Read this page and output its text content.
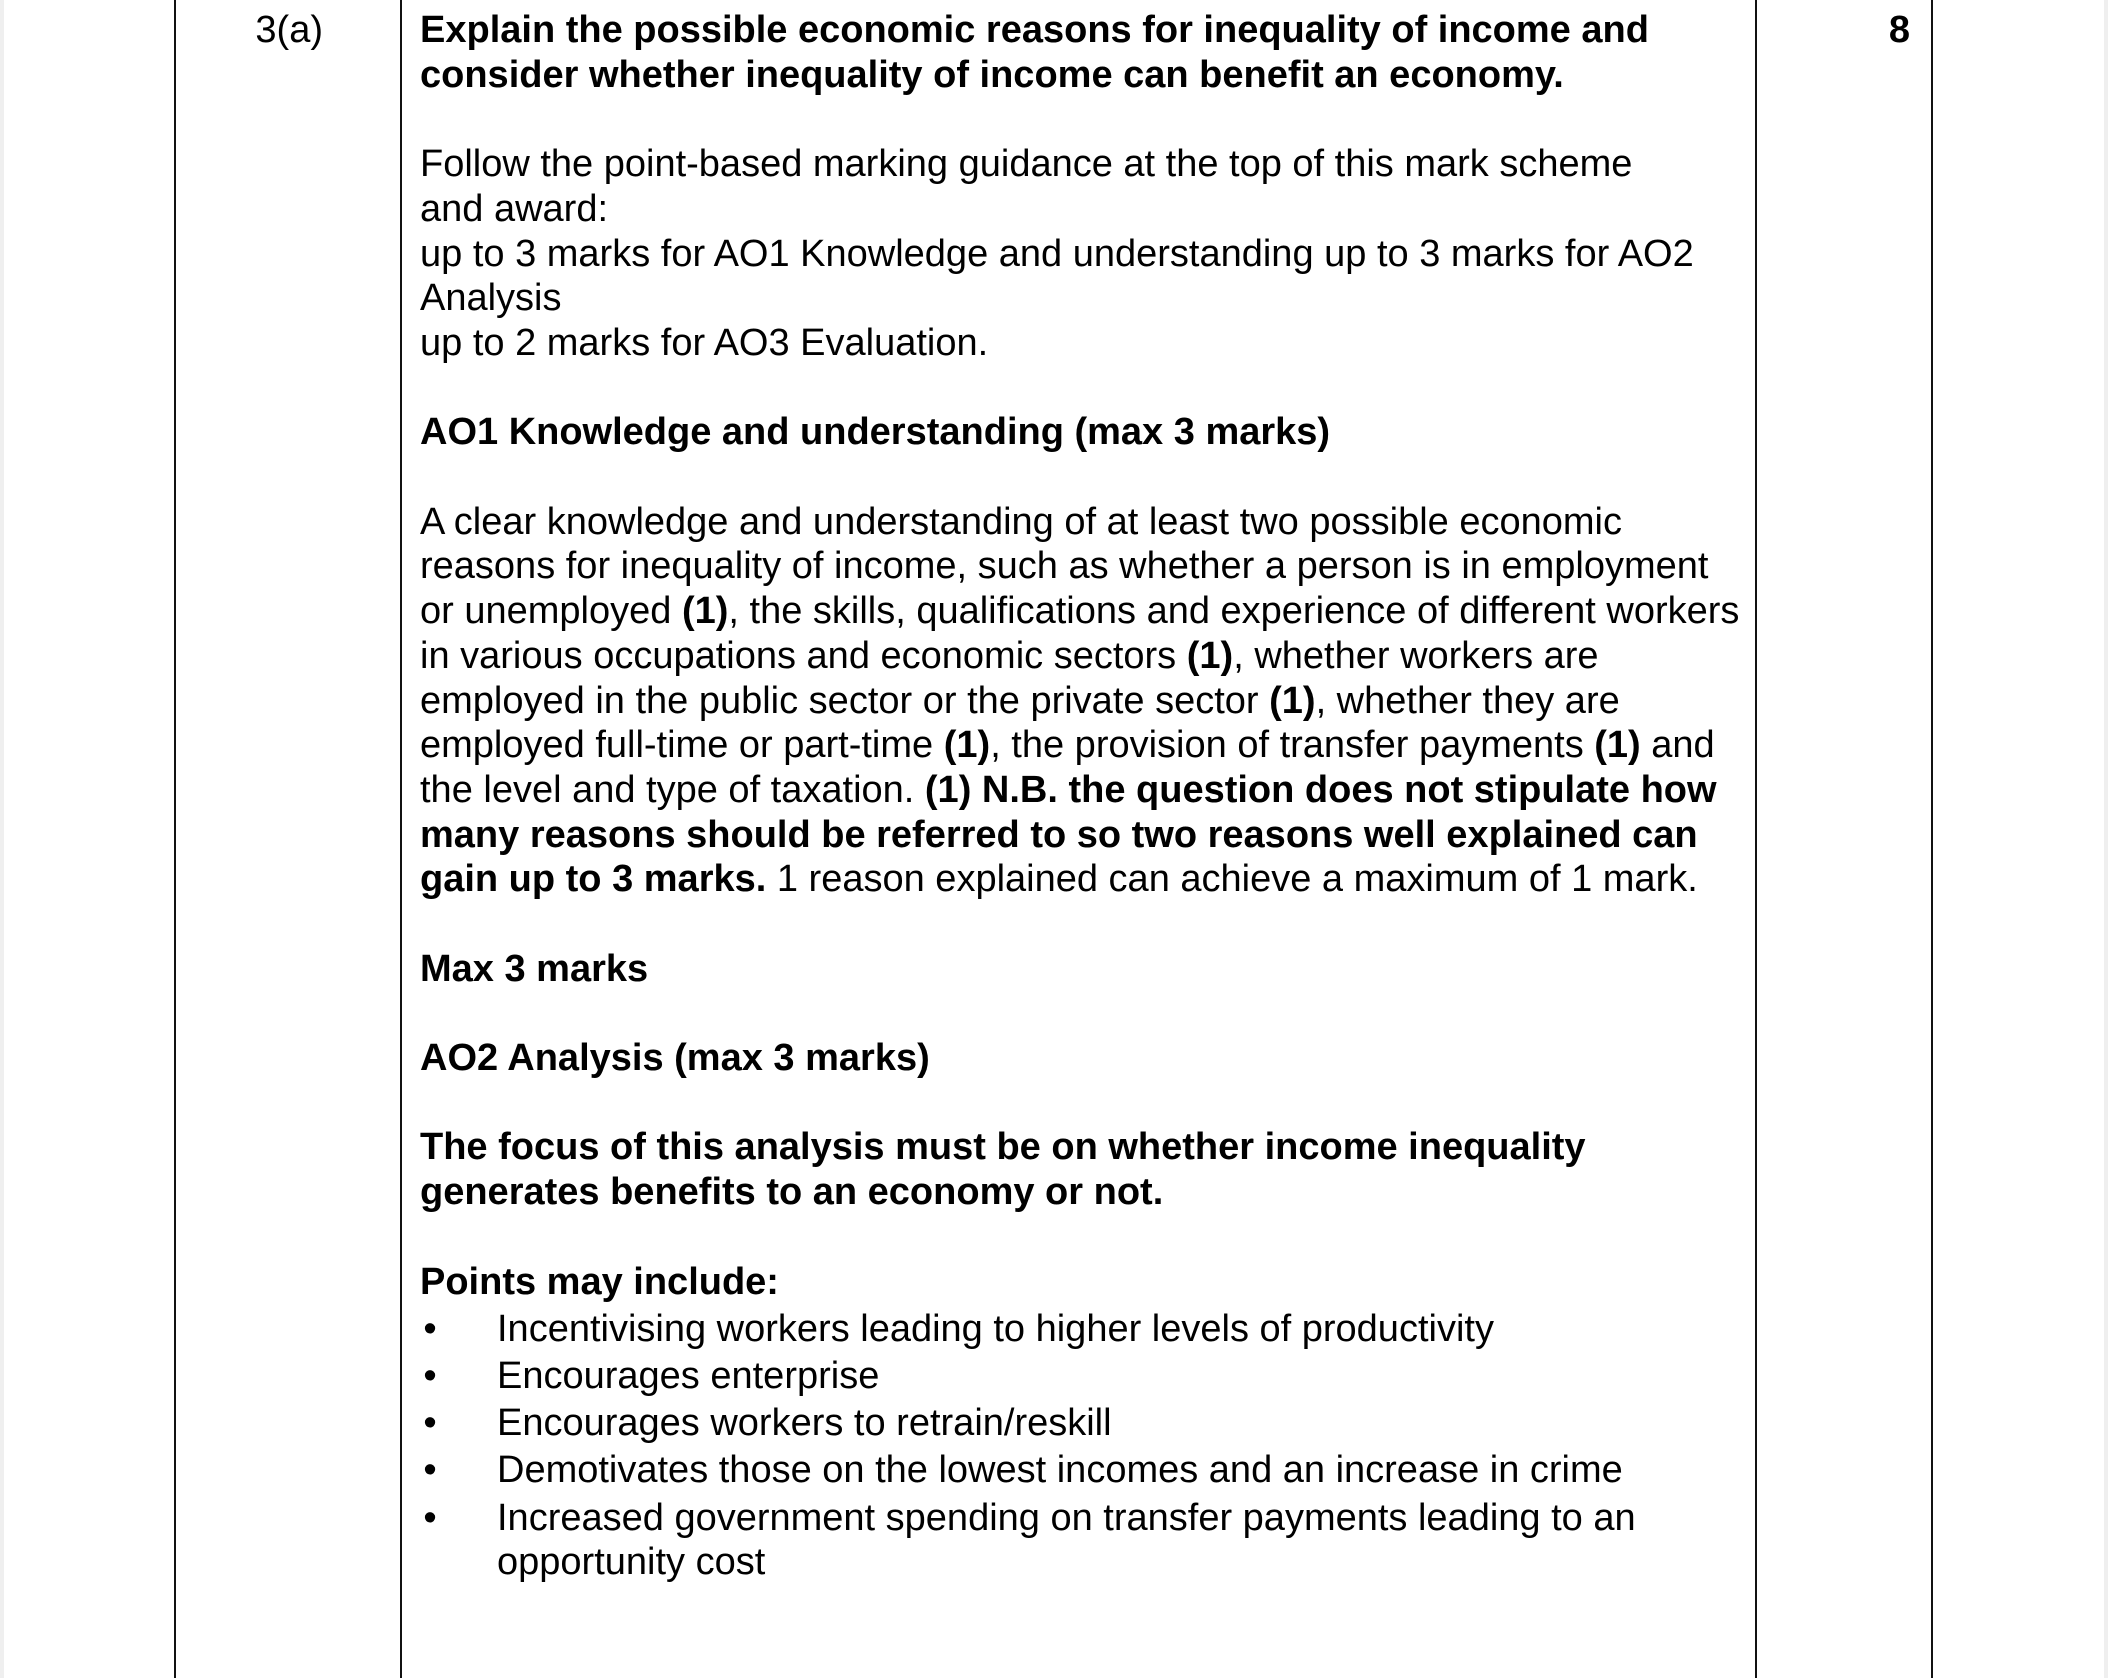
3(a)	Explain the possible economic reasons for inequality of income and

consider whether inequality of income can benefit an economy.

Follow the point-based marking guidance at the top of this mark scheme

and award:

up to 3 marks for AO1 Knowledge and understanding up to 3 marks for AO2

Analysis

up to 2 marks for AO3 Evaluation.

AO1 Knowledge and understanding (max 3 marks)

A clear knowledge and understanding of at least two possible economic reasons for inequality of income, such as whether a person is in employment or unemployed (1), the skills, qualifications and experience of different workers in various occupations and economic sectors (1), whether workers are employed in the public sector or the private sector (1), whether they are employed full-time or part-time (1), the provision of transfer payments (1) and the level and type of taxation. (1) N.B. the question does not stipulate how many reasons should be referred to so two reasons well explained can gain up to 3 marks. 1 reason explained can achieve a maximum of 1 mark.

Max 3 marks

AO2 Analysis (max 3 marks)

The focus of this analysis must be on whether income inequality generates benefits to an economy or not.

Points may include:

• Incentivising workers leading to higher levels of productivity
• Encourages enterprise
• Encourages workers to retrain/reskill
• Demotivates those on the lowest incomes and an increase in crime
• Increased government spending on transfer payments leading to an opportunity cost
8
